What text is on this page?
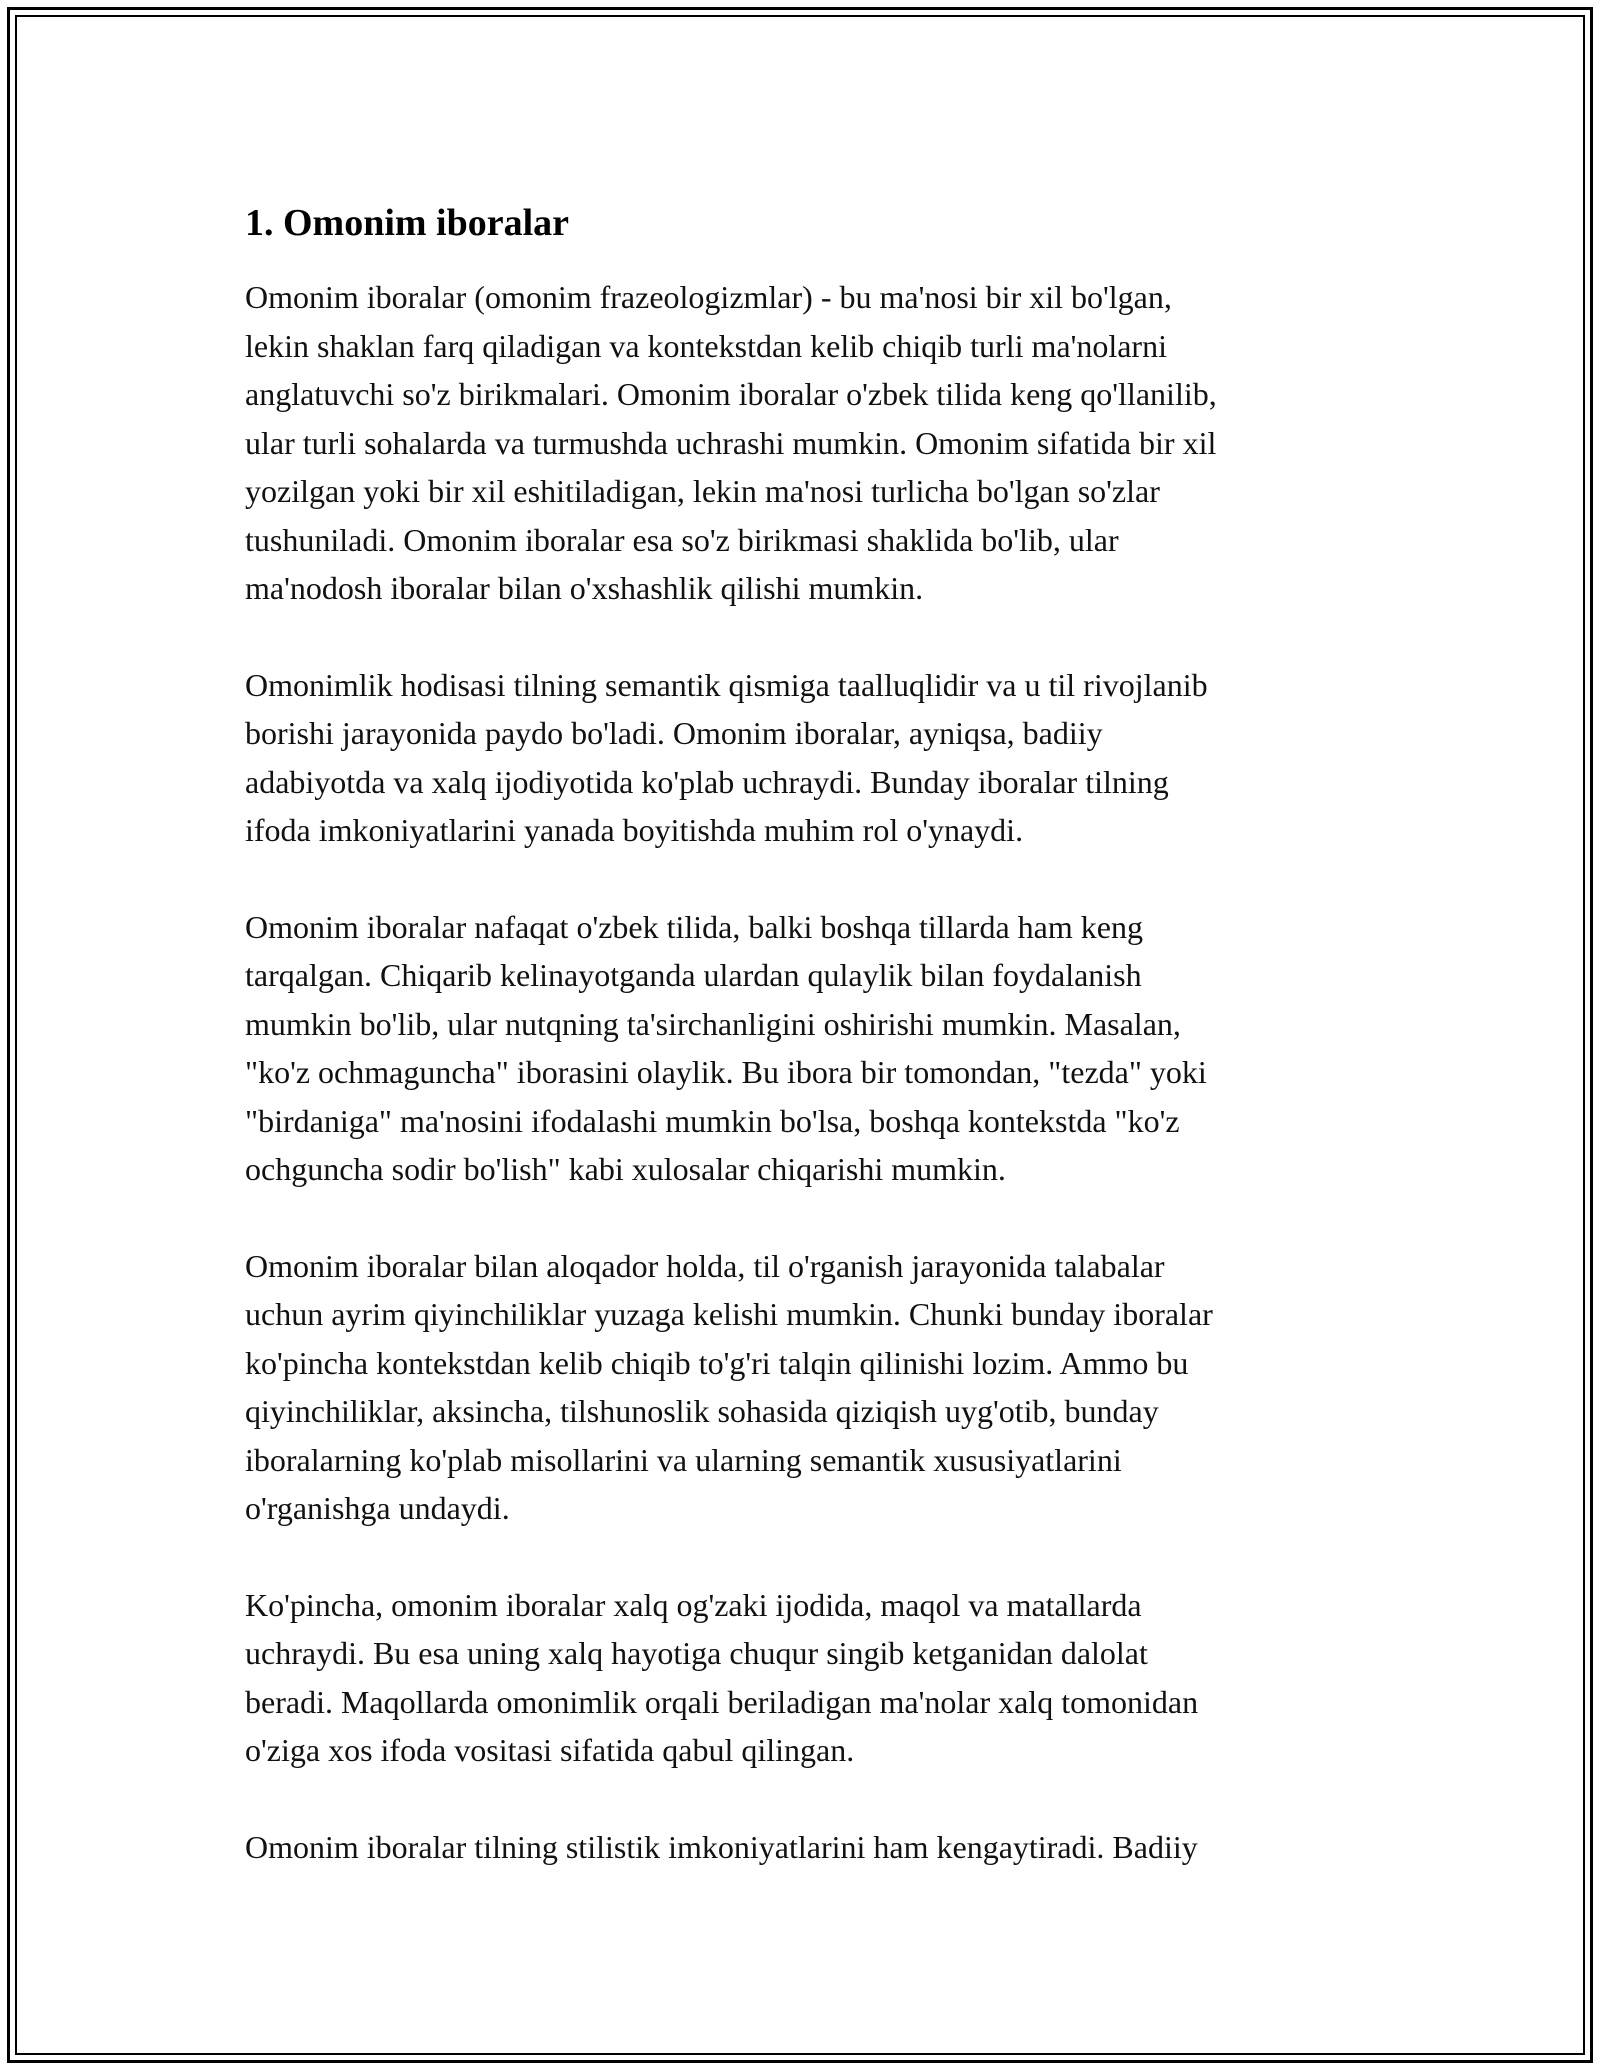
1. Omonim iboralar

Omonim iboralar (omonim frazeologizmlar) - bu ma'nosi bir xil bo'lgan,
lekin shaklan farq qiladigan va kontekstdan kelib chiqib turli ma'nolarni
anglatuvchi so'z birikmalari. Omonim iboralar o'zbek tilida keng qo'llanilib,
ular turli sohalarda va turmushda uchrashi mumkin. Omonim sifatida bir xil
yozilgan yoki bir xil eshitiladigan, lekin ma'nosi turlicha bo'lgan so'zlar
tushuniladi. Omonim iboralar esa so'z birikmasi shaklida bo'lib, ular
ma'nodosh iboralar bilan o'xshashlik qilishi mumkin.

Omonimlik hodisasi tilning semantik qismiga taalluqlidir va u til rivojlanib
borishi jarayonida paydo bo'ladi. Omonim iboralar, ayniqsa, badiiy
adabiyotda va xalq ijodiyotida ko'plab uchraydi. Bunday iboralar tilning
ifoda imkoniyatlarini yanada boyitishda muhim rol o'ynaydi.

Omonim iboralar nafaqat o'zbek tilida, balki boshqa tillarda ham keng
tarqalgan. Chiqarib kelinayotganda ulardan qulaylik bilan foydalanish
mumkin bo'lib, ular nutqning ta'sirchanligini oshirishi mumkin. Masalan,
"ko'z ochmaguncha" iborasini olaylik. Bu ibora bir tomondan, "tezda" yoki
"birdaniga" ma'nosini ifodalashi mumkin bo'lsa, boshqa kontekstda "ko'z
ochguncha sodir bo'lish" kabi xulosalar chiqarishi mumkin.

Omonim iboralar bilan aloqador holda, til o'rganish jarayonida talabalar
uchun ayrim qiyinchiliklar yuzaga kelishi mumkin. Chunki bunday iboralar
ko'pincha kontekstdan kelib chiqib to'g'ri talqin qilinishi lozim. Ammo bu
qiyinchiliklar, aksincha, tilshunoslik sohasida qiziqish uyg'otib, bunday
iboralarning ko'plab misollarini va ularning semantik xususiyatlarini
o'rganishga undaydi.

Ko'pincha, omonim iboralar xalq og'zaki ijodida, maqol va matallarda
uchraydi. Bu esa uning xalq hayotiga chuqur singib ketganidan dalolat
beradi. Maqollarda omonimlik orqali beriladigan ma'nolar xalq tomonidan
o'ziga xos ifoda vositasi sifatida qabul qilingan.

Omonim iboralar tilning stilistik imkoniyatlarini ham kengaytiradi. Badiiy
